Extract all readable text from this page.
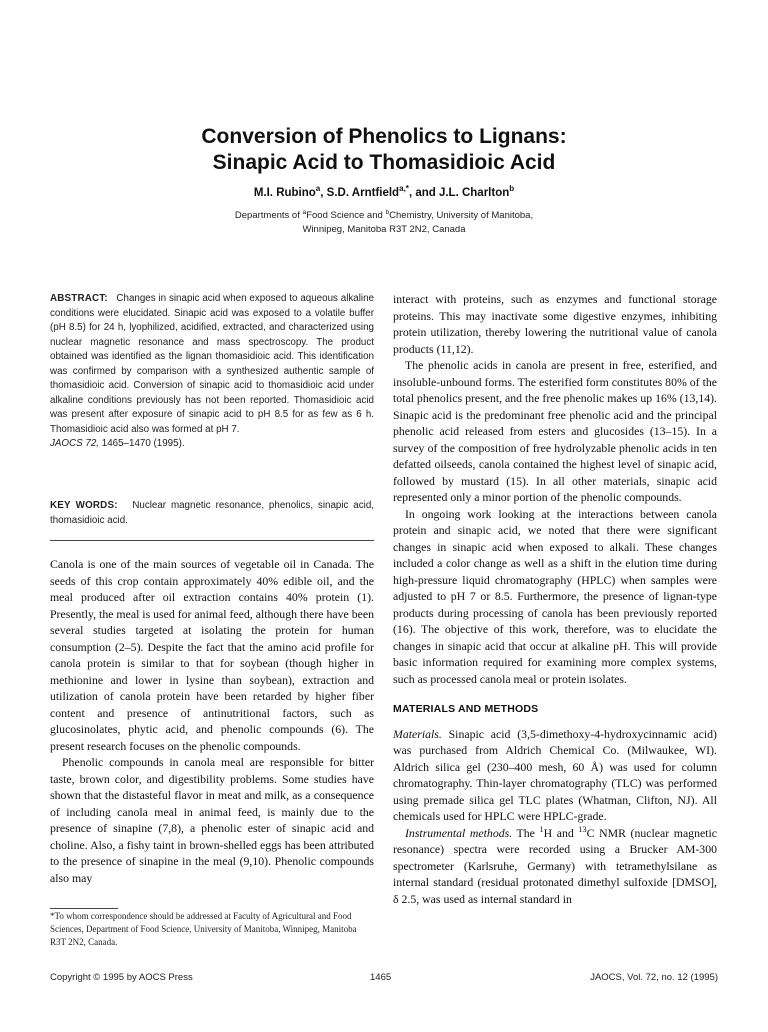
Conversion of Phenolics to Lignans:
Sinapic Acid to Thomasidioic Acid
M.I. Rubino$^a$, S.D. Arntfield$^{a,*}$, and J.L. Charlton$^b$
Departments of $^a$Food Science and $^b$Chemistry, University of Manitoba,
Winnipeg, Manitoba R3T 2N2, Canada
ABSTRACT: Changes in sinapic acid when exposed to aqueous alkaline conditions were elucidated. Sinapic acid was exposed to a volatile buffer (pH 8.5) for 24 h, lyophilized, acidified, extracted, and characterized using nuclear magnetic resonance and mass spectroscopy. The product obtained was identified as the lignan thomasidioic acid. This identification was confirmed by comparison with a synthesized authentic sample of thomasidioic acid. Conversion of sinapic acid to thomasidioic acid under alkaline conditions previously has not been reported. Thomasidioic acid was present after exposure of sinapic acid to pH 8.5 for as few as 6 h. Thomasidioic acid also was formed at pH 7.
JAOCS 72, 1465–1470 (1995).
KEY WORDS: Nuclear magnetic resonance, phenolics, sinapic acid, thomasidioic acid.

Canola is one of the main sources of vegetable oil in Canada. The seeds of this crop contain approximately 40% edible oil, and the meal produced after oil extraction contains 40% protein (1). Presently, the meal is used for animal feed, although there have been several studies targeted at isolating the protein for human consumption (2–5). Despite the fact that the amino acid profile for canola protein is similar to that for soybean (though higher in methionine and lower in lysine than soybean), extraction and utilization of canola protein have been retarded by higher fiber content and presence of antinutritional factors, such as glucosinolates, phytic acid, and phenolic compounds (6). The present research focuses on the phenolic compounds.

Phenolic compounds in canola meal are responsible for bitter taste, brown color, and digestibility problems. Some studies have shown that the distasteful flavor in meat and milk, as a consequence of including canola meal in animal feed, is mainly due to the presence of sinapine (7,8), a phenolic ester of sinapic acid and choline. Also, a fishy taint in brown-shelled eggs has been attributed to the presence of sinapine in the meal (9,10). Phenolic compounds also may

*To whom correspondence should be addressed at Faculty of Agricultural and Food Sciences, Department of Food Science, University of Manitoba, Winnipeg, Manitoba R3T 2N2, Canada.

interact with proteins, such as enzymes and functional storage proteins. This may inactivate some digestive enzymes, inhibiting protein utilization, thereby lowering the nutritional value of canola products (11,12).

The phenolic acids in canola are present in free, esterified, and insoluble-unbound forms. The esterified form constitutes 80% of the total phenolics present, and the free phenolic makes up 16% (13,14). Sinapic acid is the predominant free phenolic acid and the principal phenolic acid released from esters and glucosides (13–15). In a survey of the composition of free hydrolyzable phenolic acids in ten defatted oilseeds, canola contained the highest level of sinapic acid, followed by mustard (15). In all other materials, sinapic acid represented only a minor portion of the phenolic compounds.

In ongoing work looking at the interactions between canola protein and sinapic acid, we noted that there were significant changes in sinapic acid when exposed to alkali. These changes included a color change as well as a shift in the elution time during high-pressure liquid chromatography (HPLC) when samples were adjusted to pH 7 or 8.5. Furthermore, the presence of lignan-type products during processing of canola has been previously reported (16). The objective of this work, therefore, was to elucidate the changes in sinapic acid that occur at alkaline pH. This will provide basic information required for examining more complex systems, such as processed canola meal or protein isolates.

MATERIALS AND METHODS

Materials. Sinapic acid (3,5-dimethoxy-4-hydroxycinnamic acid) was purchased from Aldrich Chemical Co. (Milwaukee, WI). Aldrich silica gel (230–400 mesh, 60 Å) was used for column chromatography. Thin-layer chromatography (TLC) was performed using premade silica gel TLC plates (Whatman, Clifton, NJ). All chemicals used for HPLC were HPLC-grade.

Instrumental methods. The $^1$H and $^{13}$C NMR (nuclear magnetic resonance) spectra were recorded using a Brucker AM-300 spectrometer (Karlsruhe, Germany) with tetramethylsilane as internal standard (residual protonated dimethyl sulfoxide [DMSO], δ 2.5, was used as internal standard in

Copyright © 1995 by AOCS Press	1465	JAOCS, Vol. 72, no. 12 (1995)
